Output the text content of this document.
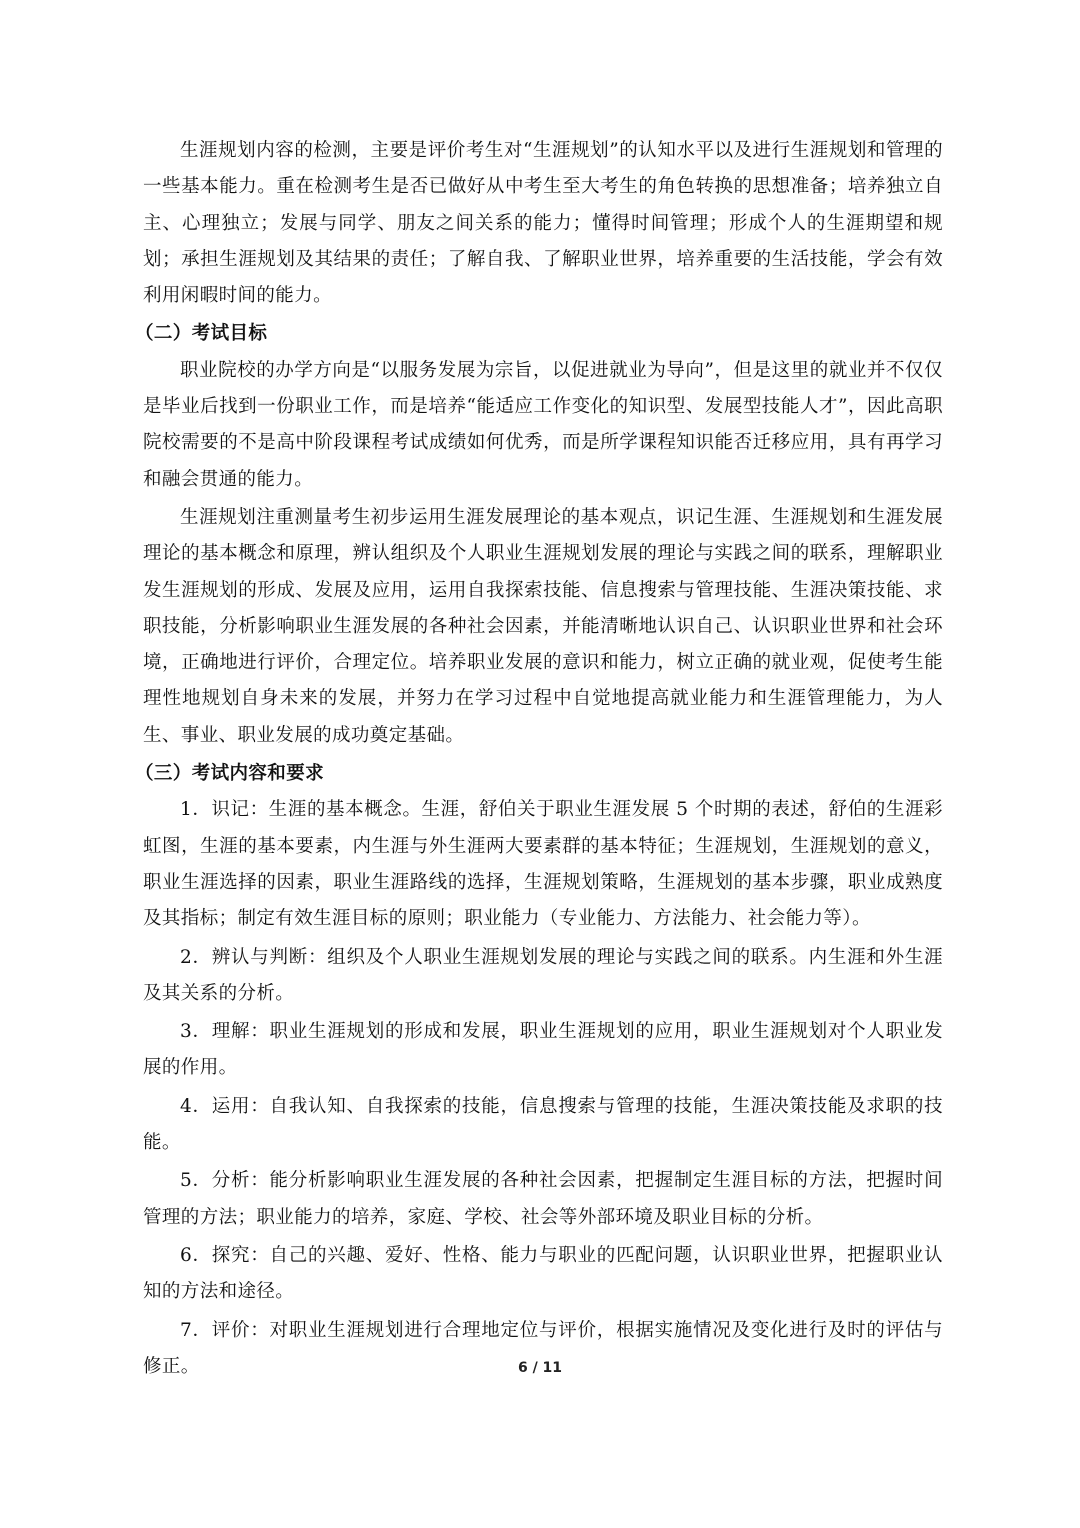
生涯规划内容的检测，主要是评价考生对“生涯规划”的认知水平以及进行生涯规划和管理的一些基本能力。重在检测考生是否已做好从中考生至大考生的角色转换的思想准备；培养独立自主、心理独立；发展与同学、朋友之间关系的能力；懂得时间管理；形成个人的生涯期望和规划；承担生涯规划及其结果的责任；了解自我、了解职业世界，培养重要的生活技能，学会有效利用闲暇时间的能力。

（二）考试目标

职业院校的办学方向是“以服务发展为宗旨，以促进就业为导向”，但是这里的就业并不仅仅是毕业后找到一份职业工作，而是培养“能适应工作变化的知识型、发展型技能人才”，因此高职院校需要的不是高中阶段课程考试成绩如何优秀，而是所学课程知识能否迁移应用，具有再学习和融会贯通的能力。

生涯规划注重测量考生初步运用生涯发展理论的基本观点，识记生涯、生涯规划和生涯发展理论的基本概念和原理，辨认组织及个人职业生涯规划发展的理论与实践之间的联系，理解职业发生涯规划的形成、发展及应用，运用自我探索技能、信息搜索与管理技能、生涯决策技能、求职技能，分析影响职业生涯发展的各种社会因素，并能清晰地认识自己、认识职业世界和社会环境，正确地进行评价，合理定位。培养职业发展的意识和能力，树立正确的就业观，促使考生能理性地规划自身未来的发展，并努力在学习过程中自觉地提高就业能力和生涯管理能力，为人生、事业、职业发展的成功奠定基础。

（三）考试内容和要求

1．识记：生涯的基本概念。生涯，舒伯关于职业生涯发展 5 个时期的表述，舒伯的生涯彩虹图，生涯的基本要素，内生涯与外生涯两大要素群的基本特征；生涯规划，生涯规划的意义，职业生涯选择的因素，职业生涯路线的选择，生涯规划策略，生涯规划的基本步骤，职业成熟度及其指标；制定有效生涯目标的原则；职业能力（专业能力、方法能力、社会能力等）。

2．辨认与判断：组织及个人职业生涯规划发展的理论与实践之间的联系。内生涯和外生涯及其关系的分析。

3．理解：职业生涯规划的形成和发展，职业生涯规划的应用，职业生涯规划对个人职业发展的作用。

4．运用：自我认知、自我探索的技能，信息搜索与管理的技能，生涯决策技能及求职的技能。

5．分析：能分析影响职业生涯发展的各种社会因素，把握制定生涯目标的方法，把握时间管理的方法；职业能力的培养，家庭、学校、社会等外部环境及职业目标的分析。

6．探究：自己的兴趣、爱好、性格、能力与职业的匹配问题，认识职业世界，把握职业认知的方法和途径。

7．评价：对职业生涯规划进行合理地定位与评价，根据实施情况及变化进行及时的评估与修正。	6 / 11
